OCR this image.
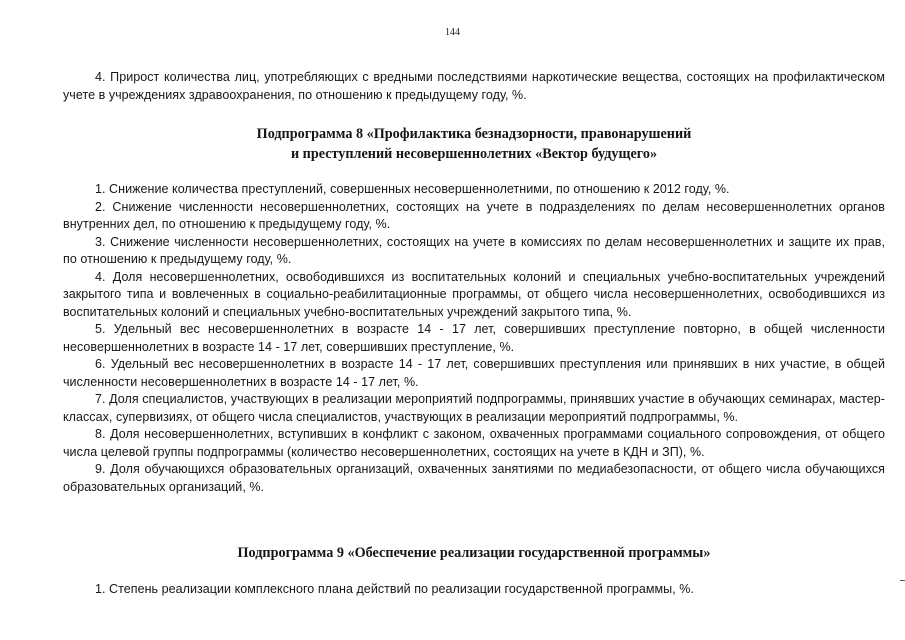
144

4. Прирост количества лиц, употребляющих с вредными последствиями наркотические вещества, состоящих на профилактическом учете в учреждениях здравоохранения, по отношению к предыдущему году, %.

Подпрограмма 8 «Профилактика безнадзорности, правонарушений
и преступлений несовершеннолетних «Вектор будущего»

1. Снижение количества преступлений, совершенных несовершеннолетними, по отношению к 2012 году, %.

2. Снижение численности несовершеннолетних, состоящих на учете в подразделениях по делам несовершеннолетних органов внутренних дел, по отношению к предыдущему году, %.

3. Снижение численности несовершеннолетних, состоящих на учете в комиссиях по делам несовершеннолетних и защите их прав, по отношению к предыдущему году, %.

4. Доля несовершеннолетних, освободившихся из воспитательных колоний и специальных учебно-воспитательных учреждений закрытого типа и вовлеченных в социально-реабилитационные программы, от общего числа несовершеннолетних, освободившихся из воспитательных колоний и специальных учебно-воспитательных учреждений закрытого типа, %.

5. Удельный вес несовершеннолетних в возрасте 14 - 17 лет, совершивших преступление повторно, в общей численности несовершеннолетних в возрасте 14 - 17 лет, совершивших преступление, %.

6. Удельный вес несовершеннолетних в возрасте 14 - 17 лет, совершивших преступления или принявших в них участие, в общей численности несовершеннолетних в возрасте 14 - 17 лет, %.

7. Доля специалистов, участвующих в реализации мероприятий подпрограммы, принявших участие в обучающих семинарах, мастер-классах, супервизиях, от общего числа специалистов, участвующих в реализации мероприятий подпрограммы, %.

8. Доля несовершеннолетних, вступивших в конфликт с законом, охваченных программами социального сопровождения, от общего числа целевой группы подпрограммы (количество несовершеннолетних, состоящих на учете в КДН и ЗП), %.

9. Доля обучающихся образовательных организаций, охваченных занятиями по медиабезопасности, от общего числа обучающихся образовательных организаций, %.

Подпрограмма 9 «Обеспечение реализации государственной программы»

1. Степень реализации комплексного плана действий по реализации государственной программы, %.
